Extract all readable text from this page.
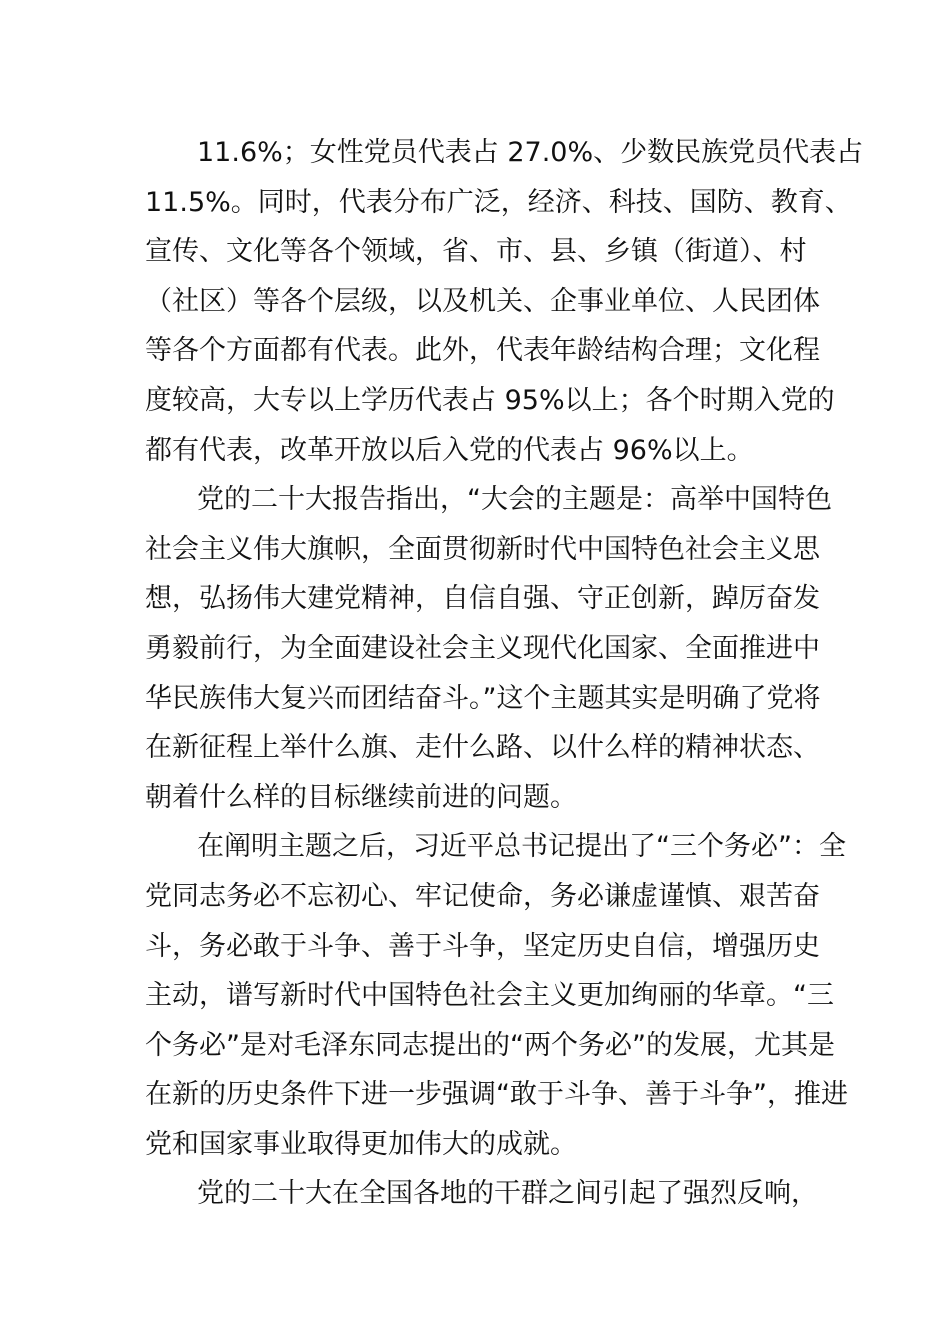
11.6%；女性党员代表占 27.0%、少数民族党员代表占
11.5%。同时，代表分布广泛，经济、科技、国防、教育、
宣传、文化等各个领域，省、市、县、乡镇（街道）、村
（社区）等各个层级，以及机关、企事业单位、人民团体
等各个方面都有代表。此外，代表年龄结构合理；文化程
度较高，大专以上学历代表占 95%以上；各个时期入党的
都有代表，改革开放以后入党的代表占 96%以上。
党的二十大报告指出，“大会的主题是：高举中国特色
社会主义伟大旗帜，全面贯彻新时代中国特色社会主义思
想，弘扬伟大建党精神，自信自强、守正创新，踔厉奋发
勇毅前行，为全面建设社会主义现代化国家、全面推进中
华民族伟大复兴而团结奋斗。”这个主题其实是明确了党将
在新征程上举什么旗、走什么路、以什么样的精神状态、
朝着什么样的目标继续前进的问题。
在阐明主题之后，习近平总书记提出了“三个务必”：全
党同志务必不忘初心、牢记使命，务必谦虚谨慎、艰苦奋
斗，务必敢于斗争、善于斗争，坚定历史自信，增强历史
主动，谱写新时代中国特色社会主义更加绚丽的华章。“三
个务必”是对毛泽东同志提出的“两个务必”的发展，尤其是
在新的历史条件下进一步强调“敢于斗争、善于斗争”，推进
党和国家事业取得更加伟大的成就。
党的二十大在全国各地的干群之间引起了强烈反响，
